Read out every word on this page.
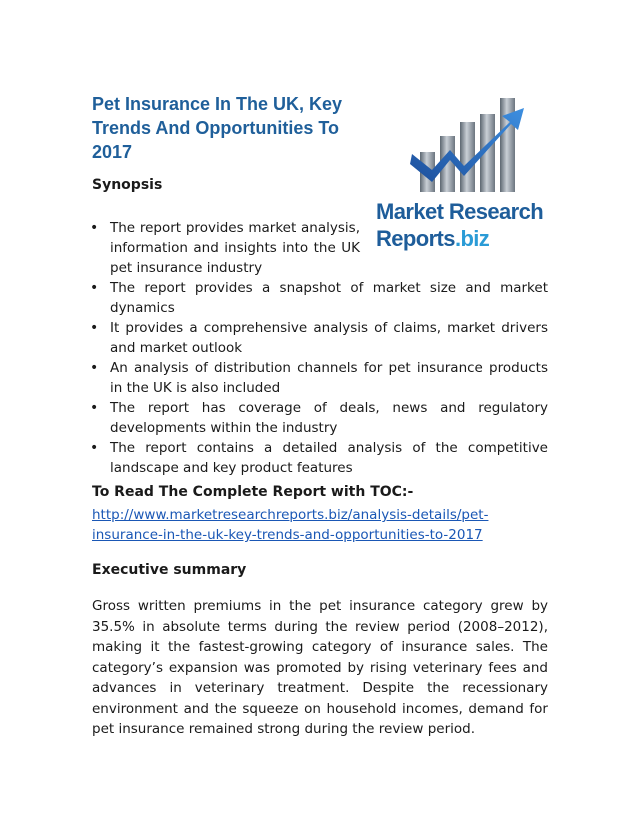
Pet Insurance In The UK, Key Trends And Opportunities To 2017
Market Research
Reports.biz
Synopsis
• The report provides market analysis, information and insights into the UK pet insurance industry
• The report provides a snapshot of market size and market dynamics
• It provides a comprehensive analysis of claims, market drivers and market outlook
• An analysis of distribution channels for pet insurance products in the UK is also included
• The report has coverage of deals, news and regulatory developments within the industry
• The report contains a detailed analysis of the competitive landscape and key product features

To Read The Complete Report with TOC:-

http://www.marketresearchreports.biz/analysis-details/pet-insurance-in-the-uk-key-trends-and-opportunities-to-2017
Executive summary

Gross written premiums in the pet insurance category grew by 35.5% in absolute terms during the review period (2008–2012), making it the fastest-growing category of insurance sales. The category’s expansion was promoted by rising veterinary fees and advances in veterinary treatment. Despite the recessionary environment and the squeeze on household incomes, demand for pet insurance remained strong during the review period.
